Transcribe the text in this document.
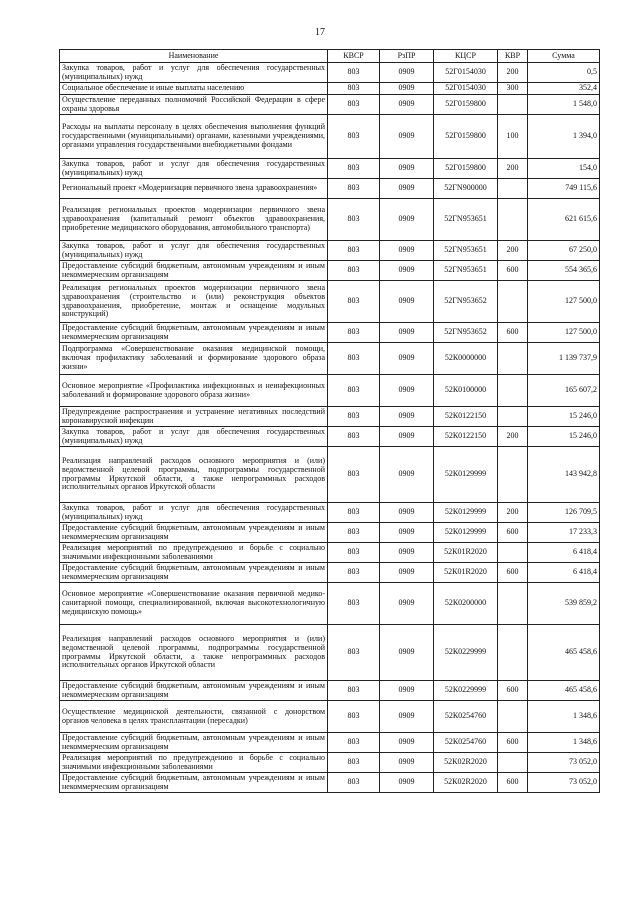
17
Наименование	КВСР	РзПР	КЦСР	КВР	Сумма
Закупка товаров, работ и услуг для обеспечения государственных (муниципальных) нужд	803	0909	52Г0154030	200	0,5
Социальное обеспечение и иные выплаты населению	803	0909	52Г0154030	300	352,4
Осуществление переданных полномочий Российской Федерации в сфере охраны здоровья	803	0909	52Г0159800		1 548,0
Расходы на выплаты персоналу в целях обеспечения выполнения функций государственными (муниципальными) органами, казенными учреждениями, органами управления государственными внебюджетными фондами	803	0909	52Г0159800	100	1 394,0
Закупка товаров, работ и услуг для обеспечения государственных (муниципальных) нужд	803	0909	52Г0159800	200	154,0
Региональный проект «Модернизация первичного звена здравоохранения»	803	0909	52ГN900000		749 115,6
Реализация региональных проектов модернизации первичного звена здравоохранения (капитальный ремонт объектов здравоохранения, приобретение медицинского оборудования, автомобильного транспорта)	803	0909	52ГN953651		621 615,6
Закупка товаров, работ и услуг для обеспечения государственных (муниципальных) нужд	803	0909	52ГN953651	200	67 250,0
Предоставление субсидий бюджетным, автономным учреждениям и иным некоммерческим организациям	803	0909	52ГN953651	600	554 365,6
Реализация региональных проектов модернизации первичного звена здравоохранения (строительство и (или) реконструкция объектов здравоохранения, приобретение, монтаж и оснащение модульных конструкций)	803	0909	52ГN953652		127 500,0
Предоставление субсидий бюджетным, автономным учреждениям и иным некоммерческим организациям	803	0909	52ГN953652	600	127 500,0
Подпрограмма «Совершенствование оказания медицинской помощи, включая профилактику заболеваний и формирование здорового образа жизни»	803	0909	52К0000000		1 139 737,9
Основное мероприятие «Профилактика инфекционных и неинфекционных заболеваний и формирование здорового образа жизни»	803	0909	52К0100000		165 607,2
Предупреждение распространения и устранение негативных последствий коронавирусной инфекции	803	0909	52К0122150		15 246,0
Закупка товаров, работ и услуг для обеспечения государственных (муниципальных) нужд	803	0909	52К0122150	200	15 246,0
Реализация направлений расходов основного мероприятия и (или) ведомственной целевой программы, подпрограммы государственной программы Иркутской области, а также непрограммных расходов исполнительных органов Иркутской области	803	0909	52К0129999		143 942,8
Закупка товаров, работ и услуг для обеспечения государственных (муниципальных) нужд	803	0909	52К0129999	200	126 709,5
Предоставление субсидий бюджетным, автономным учреждениям и иным некоммерческим организациям	803	0909	52К0129999	600	17 233,3
Реализация мероприятий по предупреждению и борьбе с социально значимыми инфекционными заболеваниями	803	0909	52К01R2020		6 418,4
Предоставление субсидий бюджетным, автономным учреждениям и иным некоммерческим организациям	803	0909	52К01R2020	600	6 418,4
Основное мероприятие «Совершенствование оказания первичной медико-санитарной помощи, специализированной, включая высокотехнологичную медицинскую помощь»	803	0909	52К0200000		539 859,2
Реализация направлений расходов основного мероприятия и (или) ведомственной целевой программы, подпрограммы государственной программы Иркутской области, а также непрограммных расходов исполнительных органов Иркутской области	803	0909	52К0229999		465 458,6
Предоставление субсидий бюджетным, автономным учреждениям и иным некоммерческим организациям	803	0909	52К0229999	600	465 458,6
Осуществление медицинской деятельности, связанной с донорством органов человека в целях трансплантации (пересадки)	803	0909	52К0254760		1 348,6
Предоставление субсидий бюджетным, автономным учреждениям и иным некоммерческим организациям	803	0909	52К0254760	600	1 348,6
Реализация мероприятий по предупреждению и борьбе с социально значимыми инфекционными заболеваниями	803	0909	52К02R2020		73 052,0
Предоставление субсидий бюджетным, автономным учреждениям и иным некоммерческим организациям	803	0909	52К02R2020	600	73 052,0
